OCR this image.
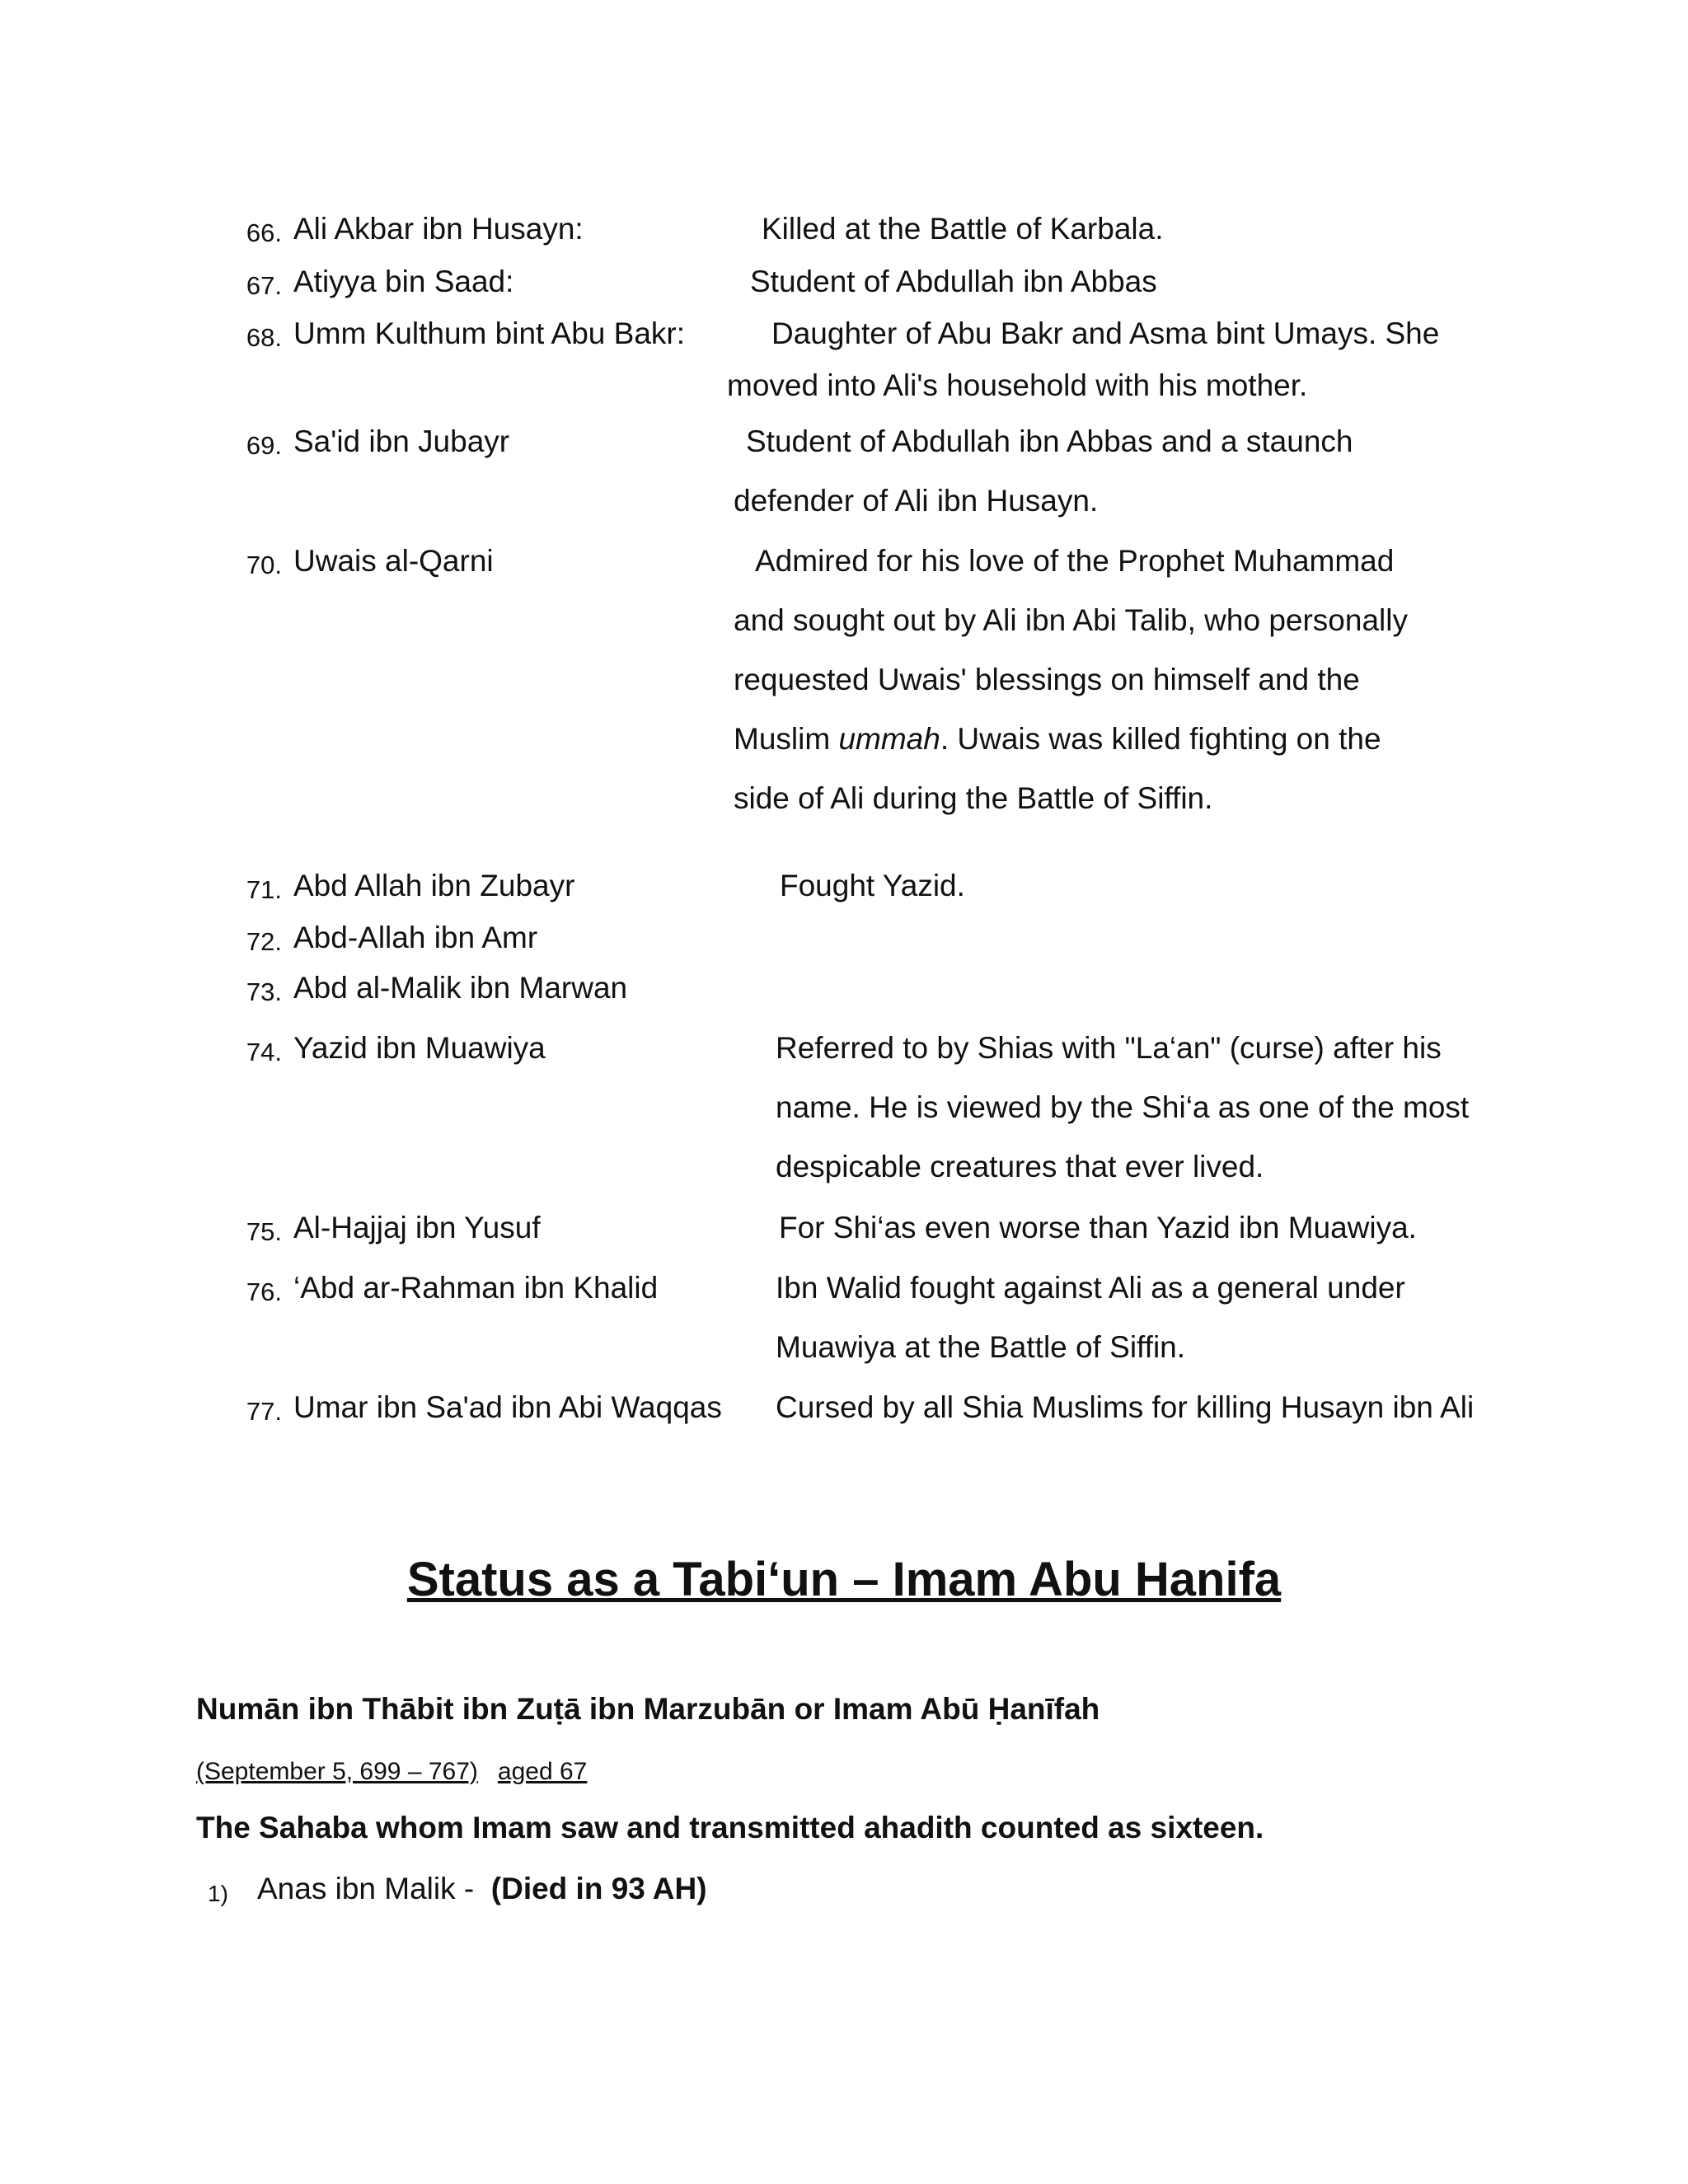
66. Ali Akbar ibn Husayn:	Killed at the Battle of Karbala.
67. Atiyya bin Saad:	Student of Abdullah ibn Abbas
68. Umm Kulthum bint Abu Bakr:	Daughter of Abu Bakr and Asma bint Umays. She
moved into Ali's household with his mother.
69. Sa'id ibn Jubayr	Student of Abdullah ibn Abbas and a staunch
defender of Ali ibn Husayn.
70. Uwais al-Qarni	Admired for his love of the Prophet Muhammad
and sought out by Ali ibn Abi Talib, who personally
requested Uwais' blessings on himself and the
Muslim ummah. Uwais was killed fighting on the
side of Ali during the Battle of Siffin.
71. Abd Allah ibn Zubayr	Fought Yazid.
72. Abd-Allah ibn Amr
73. Abd al-Malik ibn Marwan
74. Yazid ibn Muawiya	Referred to by Shias with "La‘an" (curse) after his
name. He is viewed by the Shi‘a as one of the most
despicable creatures that ever lived.
75. Al-Hajjaj ibn Yusuf	For Shi‘as even worse than Yazid ibn Muawiya.
76. ‘Abd ar-Rahman ibn Khalid	Ibn Walid fought against Ali as a general under
Muawiya at the Battle of Siffin.
77. Umar ibn Sa'ad ibn Abi Waqqas Cursed by all Shia Muslims for killing Husayn ibn Ali
Status as a Tabi‘un – Imam Abu Hanifa
Numān ibn Thābit ibn Zuṭā ibn Marzubān or Imam Abū Ḥanīfah
(September 5, 699 – 767) aged 67
The Sahaba whom Imam saw and transmitted ahadith counted as sixteen.
1) Anas ibn Malik -  (Died in 93 AH)
